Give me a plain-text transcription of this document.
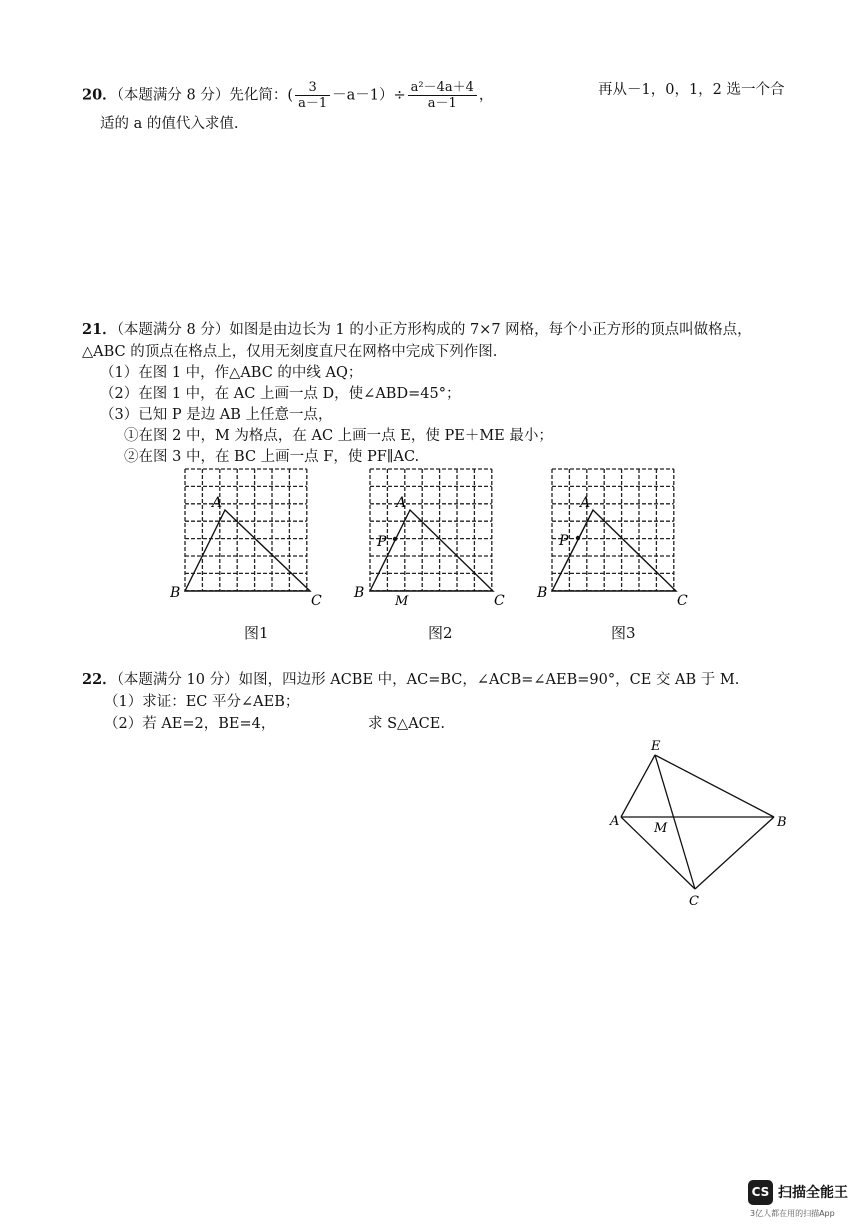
20．（本题满分 8 分）先化简：( $\frac{3}{a-1} -a-1)\div \frac{\text{a²－4a＋4}}{a-1}$ ，	再从－1，0，1，2 选一个合
适的 a 的值代入求值.
21．（本题满分 8 分）如图是由边长为 1 的小正方形构成的 7×7 网格，每个小正方形的顶点叫做格点，
△ABC 的顶点在格点上，仅用无刻度直尺在网格中完成下列作图.
（1）在图 1 中，作△ABC 的中线 AQ；
（2）在图 1 中，在 AC 上画一点 D，使∠ABD=45°；
（3）已知 P 是边 AB 上任意一点，
①在图 2 中，M 为格点，在 AC 上画一点 E，使 PE＋ME 最小；
②在图 3 中，在 BC 上画一点 F，使 PF∥AC.
A
B	C
图1
A
B	C
P
M
图2
A
B	C
P
图3
22．（本题满分 10 分）如图，四边形 ACBE 中，AC=BC，∠ACB=∠AEB=90°，CE 交 AB 于 M.
（1）求证：EC 平分∠AEB；
（2）若 AE=2，BE=4，	求 S△ACE.
E
A	B
C
M
CS 扫描全能王
3亿人都在用的扫描App
